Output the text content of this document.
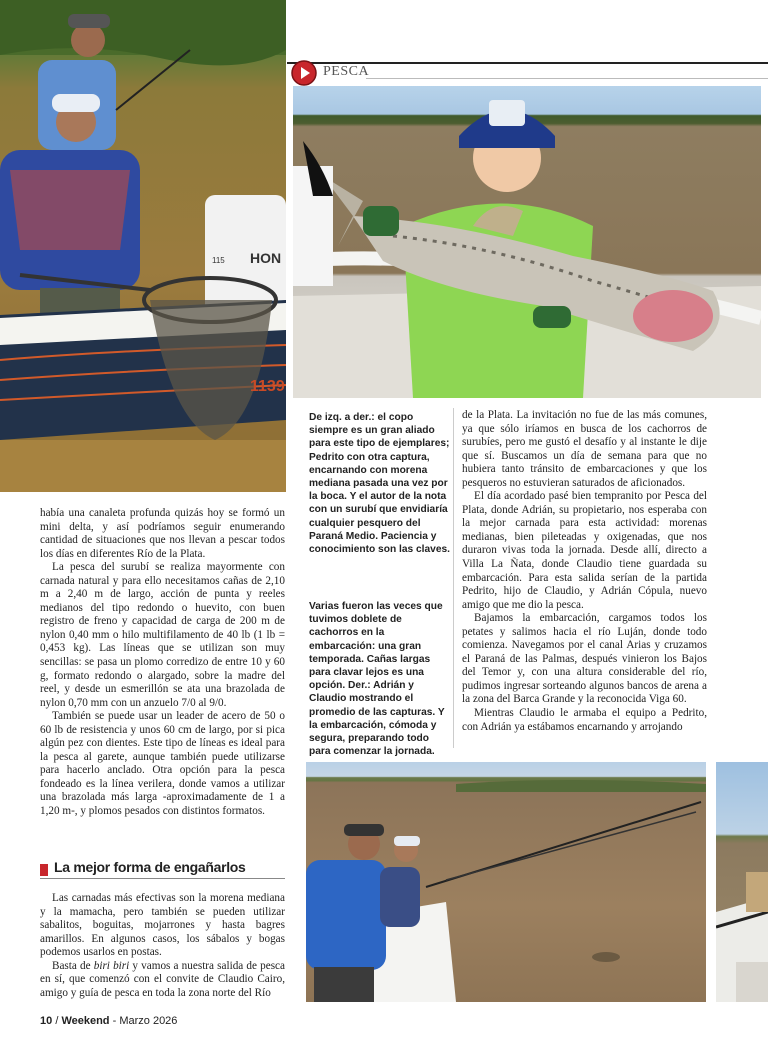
HON
115
1139
PESCA

había una canaleta profunda quizás hoy se formó un mini delta, y así podríamos seguir enumerando cantidad de situaciones que nos llevan a pescar todos los días en diferentes Río de la Plata.

La pesca del surubí se realiza mayormente con carnada natural y para ello necesitamos cañas de 2,10 m a 2,40 m de largo, acción de punta y reeles medianos del tipo redondo o huevito, con buen registro de freno y capacidad de carga de 200 m de nylon 0,40 mm o hilo multifilamento de 40 lb (1 lb = 0,453 kg). Las líneas que se utilizan son muy sencillas: se pasa un plomo corredizo de entre 10 y 60 g, formato redondo o alargado, sobre la madre del reel, y desde un esmerillón se ata una brazolada de nylon 0,70 mm con un anzuelo 7/0 al 9/0.

También se puede usar un leader de acero de 50 o 60 lb de resistencia y unos 60 cm de largo, por si pica algún pez con dientes. Este tipo de líneas es ideal para la pesca al garete, aunque también puede utilizarse para hacerlo anclado. Otra opción para la pesca fondeado es la línea verilera, donde vamos a utilizar una brazolada más larga -aproximadamente de 1 a 1,20 m-, y plomos pesados con distintos formatos.

La mejor forma de engañarlos

Las carnadas más efectivas son la morena mediana y la mamacha, pero también se pueden utilizar sabalitos, boguitas, mojarrones y hasta bagres amarillos. En algunos casos, los sábalos y bogas podemos usarlos en postas.

Basta de biri biri y vamos a nuestra salida de pesca en sí, que comenzó con el convite de Claudio Cairo, amigo y guía de pesca en toda la zona norte del Río

De izq. a der.: el copo siempre es un gran aliado para este tipo de ejemplares; Pedrito con otra captura, encarnando con morena mediana pasada una vez por la boca. Y el autor de la nota con un surubí que envidiaría cualquier pesquero del Paraná Medio. Paciencia y conocimiento son las claves.
Varias fueron las veces que tuvimos doblete de cachorros en la embarcación: una gran temporada. Cañas largas para clavar lejos es una opción. Der.: Adrián y Claudio mostrando el promedio de las capturas. Y la embarcación, cómoda y segura, preparando todo para comenzar la jornada.

de la Plata. La invitación no fue de las más comunes, ya que sólo iríamos en busca de los cachorros de surubíes, pero me gustó el desafío y al instante le dije que sí. Buscamos un día de semana para que no hubiera tanto tránsito de embarcaciones y que los pesqueros no estuvieran saturados de aficionados.

El día acordado pasé bien tempranito por Pesca del Plata, donde Adrián, su propietario, nos esperaba con la mejor carnada para esta actividad: morenas medianas, bien pileteadas y oxigenadas, que nos duraron vivas toda la jornada. Desde allí, directo a Villa La Ñata, donde Claudio tiene guardada su embarcación. Para esta salida serían de la partida Pedrito, hijo de Claudio, y Adrián Cópula, nuevo amigo que me dio la pesca.

Bajamos la embarcación, cargamos todos los petates y salimos hacia el río Luján, donde todo comienza. Navegamos por el canal Arias y cruzamos el Paraná de las Palmas, después vinieron los Bajos del Temor y, con una altura considerable del río, pudimos ingresar sorteando algunos bancos de arena a la zona del Barca Grande y la reconocida Viga 60.

Mientras Claudio le armaba el equipo a Pedrito, con Adrián ya estábamos encarnando y arrojando

10 / Weekend - Marzo 2026
